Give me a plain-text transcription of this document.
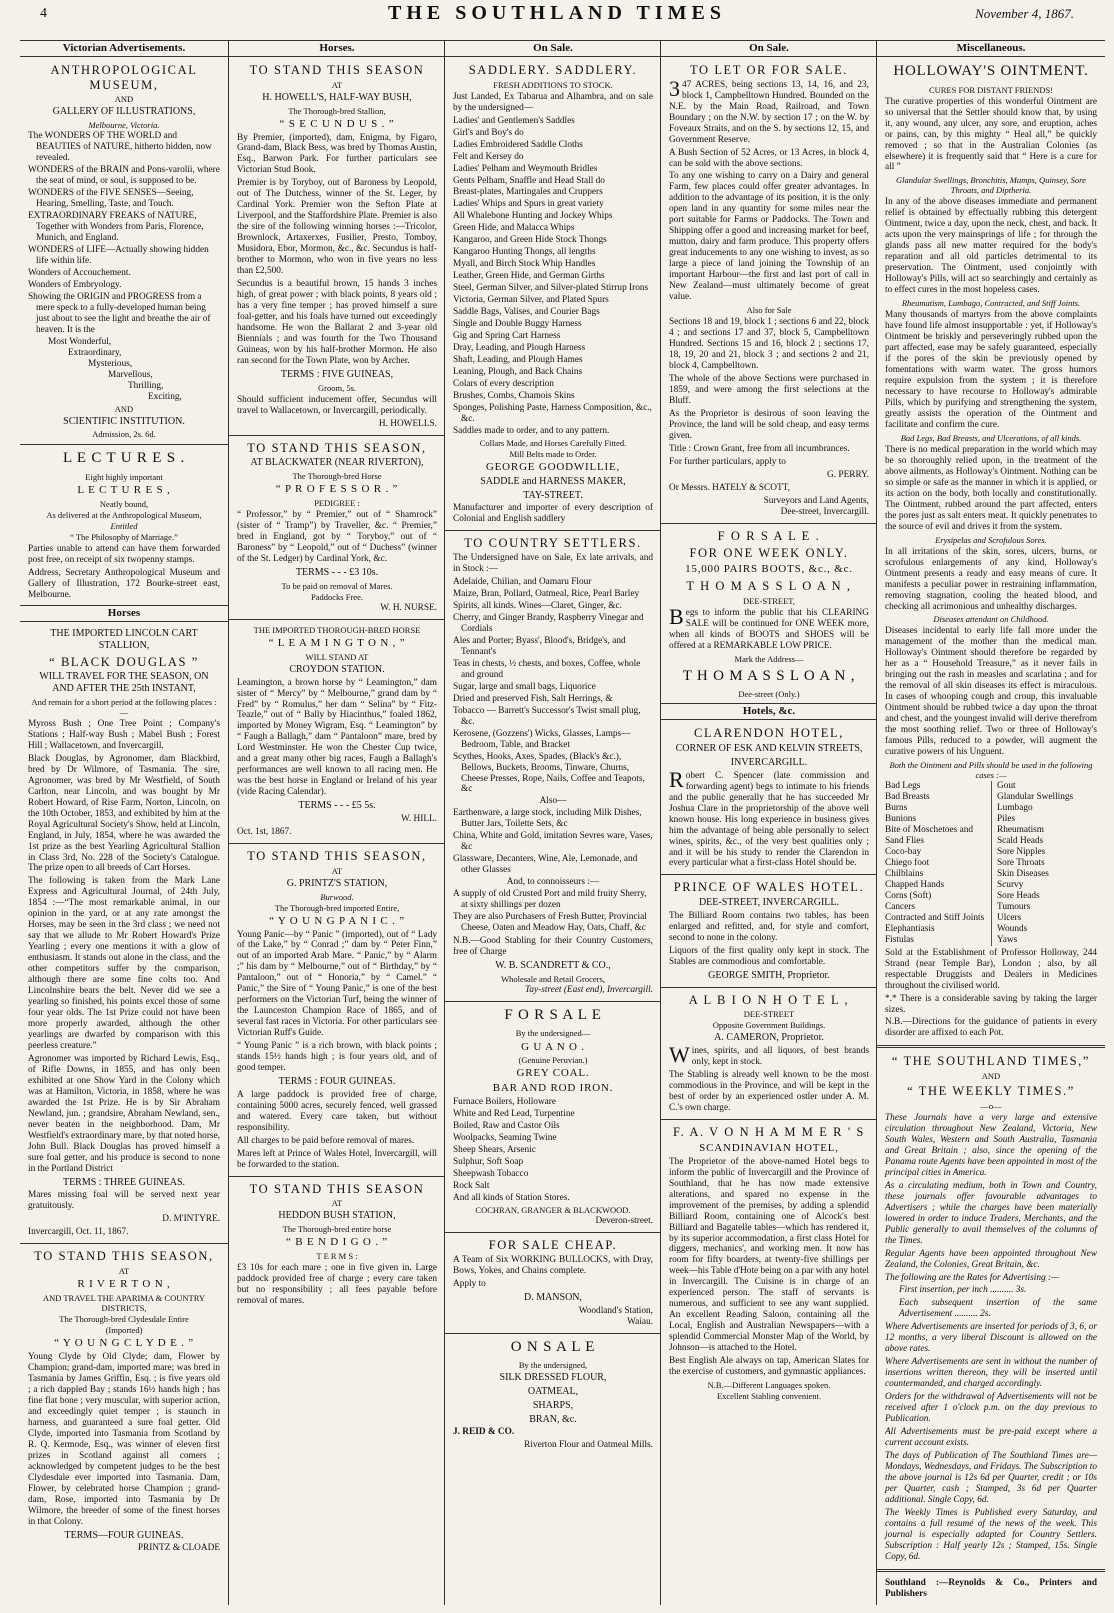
4	THE SOUTHLAND TIMES	November 4, 1867.
Victorian Advertisements.
ANTHROPOLOGICAL MUSEUM,
AND
GALLERY OF ILLUSTRATIONS,
Melbourne, Victoria.
The WONDERS OF THE WORLD and BEAUTIES of NATURE, hitherto hidden, now revealed.
WONDERS of the BRAIN and Pons-varolii, where the seat of mind, or soul, is supposed to be.
WONDERS of the FIVE SENSES—Seeing, Hearing, Smelling, Taste, and Touch.
EXTRAORDINARY FREAKS of NATURE, Together with Wonders from Paris, Florence, Munich, and England.
WONDERS of LIFE—Actually showing hidden life within life.
Wonders of Accouchement.
Wonders of Embryology.
Showing the ORIGIN and PROGRESS from a mere speck to a fully-developed human being just about to see the light and breathe the air of heaven. It is the
Most Wonderful,
Extraordinary,
Mysterious,
Marvellous,
Thrilling,
Exciting,
AND
SCIENTIFIC INSTITUTION.
Admission, 2s. 6d.
L E C T U R E S .
Eight highly important
L E C T U R E S ,
Neatly bound,
As delivered at the Anthropological Museum,
Entitled
“ The Philosophy of Marriage.”
Parties unable to attend can have them forwarded post free, on receipt of six twopenny stamps.
Address, Secretary Anthropological Museum and Gallery of Illustration, 172 Bourke-street east, Melbourne.
Horses
THE IMPORTED LINCOLN CART STALLION,
“ BLACK DOUGLAS ”
WILL TRAVEL FOR THE SEASON, ON AND AFTER THE 25th INSTANT,
And remain for a short period at the following places :—
Myross Bush ; One Tree Point ; Company's Stations ; Half-way Bush ; Mabel Bush ; Forest Hill ; Wallacetown, and Invercargill.
Black Douglas, by Agronomer, dam Blackbird, bred by Dr Wilmore, of Tasmania. The sire, Agronomer, was bred by Mr Westfield, of South Carlton, near Lincoln, and was bought by Mr Robert Howard, of Rise Farm, Norton, Lincoln, on the 10th October, 1853, and exhibited by him at the Royal Agricultural Society's Show, held at Lincoln, England, in July, 1854, where he was awarded the 1st prize as the best Yearling Agricultural Stallion in Class 3rd, No. 228 of the Society's Catalogue. The prize open to all breeds of Cart Horses.
The following is taken from the Mark Lane Express and Agricultural Journal, of 24th July, 1854 :—“The most remarkable animal, in our opinion in the yard, or at any rate amongst the Horses, may be seen in the 3rd class ; we need not say that we allude to Mr Robert Howard's Prize Yearling ; every one mentions it with a glow of enthusiasm. It stands out alone in the class, and the other competitors suffer by the comparison, although there are some fine colts too. And Lincolnshire bears the belt. Never did we see a yearling so finished, his points excel those of some four year olds. The 1st Prize could not have been more properly awarded, although the other yearlings are dwarfed by comparison with this peerless creature.”
Agronomer was imported by Richard Lewis, Esq., of Rifle Downs, in 1855, and has only been exhibited at one Show Yard in the Colony which was at Hamilton, Victoria, in 1858, where he was awarded the 1st Prize. He is by Sir Abraham Newland, jun. ; grandsire, Abraham Newland, sen., never beaten in the neighborhood. Dam, Mr Westfield's extraordinary mare, by that noted horse, John Bull. Black Douglas has proved himself a sure foal getter, and his produce is second to none in the Portland District
TERMS : THREE GUINEAS.
Mares missing foal will be served next year gratuitously.
D. M'INTYRE.
Invercargill, Oct. 11, 1867.
TO STAND THIS SEASON,
AT
R I V E R T O N ,
AND TRAVEL THE APARIMA & COUNTRY DISTRICTS,
The Thorough-bred Clydesdale Entire
(Imported)
“ Y O U N G C L Y D E . ”
Young Clyde by Old Clyde; dam, Flower by Champion; grand-dam, imported mare; was bred in Tasmania by James Griffin, Esq. ; is five years old ; a rich dappled Bay ; stands 16½ hands high ; has fine flat bone ; very muscular, with superior action, and exceedingly quiet temper ; is staunch in harness, and guaranteed a sure foal getter. Old Clyde, imported into Tasmania from Scotland by R. Q. Kermode, Esq., was winner of eleven first prizes in Scotland against all comers ; acknowledged by competent judges to be the best Clydesdale ever imported into Tasmania. Dam, Flower, by celebrated horse Champion ; grand-dam, Rose, imported into Tasmania by Dr Wilmore, the breeder of some of the finest horses in that Colony.
TERMS—FOUR GUINEAS.
PRINTZ & CLOADE
Horses.
TO STAND THIS SEASON
AT
H. HOWELL'S, HALF-WAY BUSH,
The Thorough-bred Stallion,
“ S E C U N D U S . ”
By Premier, (imported), dam, Enigma, by Figaro, Grand-dam, Black Bess, was bred by Thomas Austin, Esq., Barwon Park. For further particulars see Victorian Stud Book.
Premier is by Toryboy, out of Baroness by Leopold, out of The Dutchess, winner of the St. Leger, by Cardinal York. Premier won the Sefton Plate at Liverpool, and the Staffordshire Plate. Premier is also the sire of the following winning horses :—Tricolor, Brownlock, Artaxerxes, Fusilier, Presto, Tomboy, Musidora, Ebor, Mormon, &c., &c. Secundus is half-brother to Mormon, who won in five years no less than £2,500.
Secundus is a beautiful brown, 15 hands 3 inches high, of great power ; with black points, 8 years old ; has a very fine temper ; has proved himself a sure foal-getter, and his foals have turned out exceedingly handsome. He won the Ballarat 2 and 3-year old Biennials ; and was fourth for the Two Thousand Guineas, won by his half-brother Mormon. He also ran second for the Town Plate, won by Archer.
TERMS : FIVE GUINEAS,
Groom, 5s.
Should sufficient inducement offer, Secundus will travel to Wallacetown, or Invercargill, periodically.
H. HOWELLS.
TO STAND THIS SEASON,
AT BLACKWATER (NEAR RIVERTON),
The Thorough-bred Horse
“ P R O F E S S O R . ”
PEDIGREE :
“ Professor,” by “ Premier,” out of “ Shamrock” (sister of “ Tramp”) by Traveller, &c. “ Premier,” bred in England, got by “ Toryboy,” out of “ Baroness” by “ Leopold,” out of “ Duchess” (winner of the St. Ledger) by Cardinal York, &c.
TERMS - - - £3 10s.
To be paid on removal of Mares.
Paddocks Free.
W. H. NURSE.
THE IMPORTED THOROUGH-BRED HORSE
“ L E A M I N G T O N , ”
WILL STAND AT
CROYDON STATION.
Leamington, a brown horse by “ Leamington,” dam sister of “ Mercy” by “ Melbourne,” grand dam by “ Fred” by “ Romulus,” her dam “ Selina” by “ Fitz-Teazle,” out of “ Bally by Hiacinthus,” foaled 1862, imported by Money Wigram, Esq. “ Leamington” by “ Faugh a Ballagh,” dam “ Pantaloon” mare, bred by Lord Westminster. He won the Chester Cup twice, and a great many other big races, Faugh a Ballagh's performances are well known to all racing men. He was the best horse in England or Ireland of his year (vide Racing Calendar).
TERMS - - - £5 5s.
W. HILL.
Oct. 1st, 1867.
TO STAND THIS SEASON,
AT
G. PRINTZ'S STATION,
Burwood.
The Thorough-bred imported Entire,
“ Y O U N G P A N I C . ”
Young Panic—by “ Panic ” (imported), out of “ Lady of the Lake,” by “ Conrad ;” dam by “ Peter Finn,” out of an imported Arab Mare. “ Panic,” by “ Alarm ;” his dam by “ Melbourne,” out of “ Birthday,” by “ Pantaloon,” out of “ Honoria,” by “ Camel.” “ Panic,” the Sire of “ Young Panic,” is one of the best performers on the Victorian Turf, being the winner of the Launceston Champion Race of 1865, and of several fast races in Victoria. For other particulars see Victorian Ruff's Guide.
“ Young Panic ” is a rich brown, with black points ; stands 15½ hands high ; is four years old, and of good temper.
TERMS : FOUR GUINEAS.
A large paddock is provided free of charge, containing 5000 acres, securely fenced, well grassed and watered. Every care taken, but without responsibility.
All charges to be paid before removal of mares.
Mares left at Prince of Wales Hotel, Invercargill, will be forwarded to the station.
TO STAND THIS SEASON
AT
HEDDON BUSH STATION,
The Thorough-bred entire horse
“ B E N D I G O . ”
T E R M S :
£3 10s for each mare ; one in five given in. Large paddock provided free of charge ; every care taken but no responsibility ; all fees payable before removal of mares.
On Sale.
SADDLERY. SADDLERY.
FRESH ADDITIONS TO STOCK.
Just Landed, Ex Tabarua and Alhambra, and on sale by the undersigned—
Ladies' and Gentlemen's Saddles
Girl's and Boy's do
Ladies Embroidered Saddle Cloths
Felt and Kersey do
Ladies' Pelham and Weymouth Bridles
Gents Pelham, Snaffle and Head Stall do
Breast-plates, Martingales and Cruppers
Ladies' Whips and Spurs in great variety
All Whalebone Hunting and Jockey Whips
Green Hide, and Malacca Whips
Kangaroo, and Green Hide Stock Thongs
Kangaroo Hunting Thongs, all lengths
Myall, and Birch Stock Whip Handles
Leather, Green Hide, and German Girths
Steel, German Silver, and Silver-plated Stirrup Irons
Victoria, German Silver, and Plated Spurs
Saddle Bags, Valises, and Courier Bags
Single and Double Buggy Harness
Gig and Spring Cart Harness
Dray, Leading, and Plough Harness
Shaft, Leading, and Plough Hames
Leaning, Plough, and Back Chains
Colars of every description
Brushes, Combs, Chamois Skins
Sponges, Polishing Paste, Harness Composition, &c., &c.
Saddles made to order, and to any pattern.
Collars Made, and Horses Carefully Fitted.
Mill Belts made to Order.
GEORGE GOODWILLIE,
SADDLE and HARNESS MAKER,
TAY-STREET.
Manufacturer and importer of every description of Colonial and English saddlery
TO COUNTRY SETTLERS.
The Undersigned have on Sale, Ex late arrivals, and in Stock :—
Adelaide, Chilian, and Oamaru Flour
Maize, Bran, Pollard, Oatmeal, Rice, Pearl Barley
Spirits, all kinds. Wines—Claret, Ginger, &c.
Cherry, and Ginger Brandy, Raspberry Vinegar and Cordials
Ales and Porter; Byass', Blood's, Bridge's, and Tennant's
Teas in chests, ½ chests, and boxes, Coffee, whole and ground
Sugar, large and small bags, Liquorice
Dried and preserved Fish, Salt Herrings, &
Tobacco — Barrett's Successor's Twist small plug, &c.
Kerosene, (Gozzens') Wicks, Glasses, Lamps—Bedroom, Table, and Bracket
Scythes, Hooks, Axes, Spades, (Black's &c.), Bellows, Buckets, Brooms, Tinware, Churns, Cheese Presses, Rope, Nails, Coffee and Teapots, &c
Also—
Earthenware, a large stock, including Milk Dishes, Butter Jars, Toilette Sets, &c
China, White and Gold, imitation Sevres ware, Vases, &c
Glassware, Decanters, Wine, Ale, Lemonade, and other Glasses
And, to connoisseurs :—
A supply of old Crusted Port and mild fruity Sherry, at sixty shillings per dozen
They are also Purchasers of Fresh Butter, Provincial Cheese, Oaten and Meadow Hay, Oats, Chaff, &c
N.B.—Good Stabling for their Country Customers, free of Charge
W. B. SCANDRETT & CO.,
Wholesale and Retail Grocers,
Tay-street (East end), Invercargill.
F O R S A L E
By the undersigned—
G U A N O .
(Genuine Peruvian.)
GREY COAL.
BAR AND ROD IRON.
Furnace Boilers, Holloware
White and Red Lead, Turpentine
Boiled, Raw and Castor Oils
Woolpacks, Seaming Twine
Sheep Shears, Arsenic
Sulphur, Soft Soap
Sheepwash Tobacco
Rock Salt
And all kinds of Station Stores.
COCHRAN, GRANGER & BLACKWOOD.
Deveron-street.
FOR SALE CHEAP.
A Team of Six WORKING BULLOCKS, with Dray, Bows, Yokes, and Chains complete.
Apply to
D. MANSON,
Woodland's Station,
Waiau.
O N S A L E
By the undersigned,
SILK DRESSED FLOUR,
OATMEAL,
SHARPS,
BRAN, &c.
J. REID & CO.
Riverton Flour and Oatmeal Mills.
On Sale.
TO LET OR FOR SALE.
347 ACRES, being sections 13, 14, 16, and 23, block 1, Campbelltown Hundred. Bounded on the N.E. by the Main Road, Railroad, and Town Boundary ; on the N.W. by section 17 ; on the W. by Foveaux Straits, and on the S. by sections 12, 15, and Government Reserve.
A Bush Section of 52 Acres, or 13 Acres, in block 4, can be sold with the above sections.
To any one wishing to carry on a Dairy and general Farm, few places could offer greater advantages. In addition to the advantage of its position, it is the only open land in any quantity for some miles near the port suitable for Farms or Paddocks. The Town and Shipping offer a good and increasing market for beef, mutton, dairy and farm produce. This property offers great inducements to any one wishing to invest, as so large a piece of land joining the Township of an important Harbour—the first and last port of call in New Zealand—must ultimately become of great value.
Also for Sale
Sections 18 and 19, block 1 ; sections 6 and 22, block 4 ; and sections 17 and 37, block 5, Campbelltown Hundred. Sections 15 and 16, block 2 ; sections 17, 18, 19, 20 and 21, block 3 ; and sections 2 and 21, block 4, Campbelltown.
The whole of the above Sections were purchased in 1859, and were among the first selections at the Bluff.
As the Proprietor is desirous of soon leaving the Province, the land will be sold cheap, and easy terms given.
Title : Crown Grant, free from all incumbrances.
For further particulars, apply to
G. PERRY.
Or Messrs. HATELY & SCOTT,
Surveyors and Land Agents,
Dee-street, Invercargill.
F O R S A L E .
FOR ONE WEEK ONLY.
15,000 PAIRS BOOTS, &c., &c.
T H O M A S S L O A N ,
DEE-STREET,
Begs to inform the public that his CLEARING SALE will be continued for ONE WEEK more, when all kinds of BOOTS and SHOES will be offered at a REMARKABLE LOW PRICE.
Mark the Address—
T H O M A S S L O A N ,
Dee-street (Only.)
Hotels, &c.
CLARENDON HOTEL,
CORNER OF ESK AND KELVIN STREETS,
INVERCARGILL.
Robert C. Spencer (late commission and forwarding agent) begs to intimate to his friends and the public generally that he has succeeded Mr Joshua Clare in the proprietorship of the above well known house. His long experience in business gives him the advantage of being able personally to select wines, spirits, &c., of the very best qualities only ; and it will be his study to render the Clarendon in every particular what a first-class Hotel should be.
PRINCE OF WALES HOTEL.
DEE-STREET, INVERCARGILL.
The Billiard Room contains two tables, has been enlarged and refitted, and, for style and comfort, second to none in the colony.
Liquors of the first quality only kept in stock. The Stables are commodious and comfortable.
GEORGE SMITH, Proprietor.
A L B I O N H O T E L ,
DEE-STREET
Opposite Government Buildings.
A. CAMERON, Proprietor.
Wines, spirits, and all liquors, of best brands only, kept in stock.
The Stabling is already well known to be the most commodious in the Province, and will be kept in the best of order by an experienced ostler under A. M. C.'s own charge.
F. A. V O N H A M M E R ' S
SCANDINAVIAN HOTEL,
The Proprietor of the above-named Hotel begs to inform the public of Invercargill and the Province of Southland, that he has now made extensive alterations, and spared no expense in the improvement of the premises, by adding a splendid Billiard Room, containing one of Alcock's best Billiard and Bagatelle tables—which has rendered it, by its superior accommodation, a first class Hotel for diggers, mechanics', and working men. It now has room for fifty boarders, at twenty-five shillings per week—his Table d'Hote being on a par with any hotel in Invercargill. The Cuisine is in charge of an experienced person. The staff of servants is numerous, and sufficient to see any want supplied. An excellent Reading Saloon, containing all the Local, English and Australian Newspapers—with a splendid Commercial Monster Map of the World, by Johnson—is attached to the Hotel.
Best English Ale always on tap, American Slates for the exercise of customers, and gymnastic appliances.
N.B.—Different Languages spoken.
Excellent Stabling convenient.
Miscellaneous.
HOLLOWAY'S OINTMENT.
CURES FOR DISTANT FRIENDS!
The curative properties of this wonderful Ointment are so universal that the Settler should know that, by using it, any wound, any ulcer, any sore, and eruption, aches or pains, can, by this mighty “ Heal all,” be quickly removed ; so that in the Australian Colonies (as elsewhere) it is frequently said that “ Here is a cure for all ”
Glandular Swellings, Bronchitis, Mumps, Quinsey, Sore Throats, and Diptheria.
In any of the above diseases immediate and permanent relief is obtained by effectually rubbing this detergent Ointment, twice a day, upon the neck, chest, and back. It acts upon the very mainsprings of life ; for through the glands pass all new matter required for the body's reparation and all old particles detrimental to its preservation. The Ointment, used conjointly with Holloway's Pills, will act so searchingly and certainly as to effect cures in the most hopeless cases.
Rheumatism, Lumbago, Contracted, and Stiff Joints.
Many thousands of martyrs from the above complaints have found life almost insupportable : yet, if Holloway's Ointment be briskly and perseveringly rubbed upon the part affected, ease may be safely guaranteed, especially if the pores of the skin be previously opened by fomentations with warm water. The gross humors require expulsion from the system ; it is therefore necessary to have recourse to Holloway's admirable Pills, which by purifying and strengthening the system, greatly assists the operation of the Ointment and facilitate and confirm the cure.
Bad Legs, Bad Breasts, and Ulcerations, of all kinds.
There is no medical preparation in the world which may be so thoroughly relied upon, in the treatment of the above ailments, as Holloway's Ointment. Nothing can be so simple or safe as the manner in which it is applied, or its action on the body, both locally and constitutionally. The Ointment, rubbed around the part affected, enters the pores just as salt enters meat. It quickly penetrates to the source of evil and drives it from the system.
Erysipelas and Scrofulous Sores.
In all irritations of the skin, sores, ulcers, burns, or scrofulous enlargements of any kind, Holloway's Ointment presents a ready and easy means of cure. It manifests a peculiar power in restraining inflammation, removing stagnation, cooling the heated blood, and checking all acrimonious and unhealthy discharges.
Diseases attendant on Childhood.
Diseases incidental to early life fall more under the management of the mother than the medical man. Holloway's Ointment should therefore be regarded by her as a “ Household Treasure,” as it never fails in bringing out the rash in measles and scarlatina ; and for the removal of all skin diseases its effect is miraculous. In cases of whooping cough and croup, this invaluable Ointment should be rubbed twice a day upon the throat and chest, and the youngest invalid will derive therefrom the most soothing relief. Two or three of Holloway's famous Pills, reduced to a powder, will augment the curative powers of his Unguent.
Both the Ointment and Pills should be used in the following cases :—
Bad Legs
Bad Breasts
Burns
Bunions
Bite of Moschetoes and Sand Flies
Coco-bay
Chiego foot
Chilblains
Chapped Hands
Corns (Soft)
Cancers
Contracted and Stiff Joints
Elephantiasis
Fistulas
Gout
Glandular Swellings
Lumbago
Piles
Rheumatism
Scald Heads
Sore Nipples
Sore Throats
Skin Diseases
Scurvy
Sore Heads
Tumours
Ulcers
Wounds
Yaws
Sold at the Establishment of Professor Holloway, 244 Strand (near Temple Bar), London ; also, by all respectable Druggists and Dealers in Medicines throughout the civilised world.
*.* There is a considerable saving by taking the larger sizes.
N.B.—Directions for the guidance of patients in every disorder are affixed to each Pot.
“ THE SOUTHLAND TIMES,”
AND
“ THE WEEKLY TIMES.”
—o—
These Journals have a very large and extensive circulation throughout New Zealand, Victoria, New South Wales, Western and South Australia, Tasmania and Great Britain ; also, since the opening of the Panama route Agents have been appointed in most of the principal cities in America.
As a circulating medium, both in Town and Country, these journals offer favourable advantages to Advertisers ; while the charges have been materially lowered in order to induce Traders, Merchants, and the Public generally to avail themselves of the columns of the Times.
Regular Agents have been appointed throughout New Zealand, the Colonies, Great Britain, &c.
The following are the Rates for Advertising :—
First insertion, per inch .......... 3s.
Each subsequent insertion of the same Advertisement .......... 2s.
Where Advertisements are inserted for periods of 3, 6, or 12 months, a very liberal Discount is allowed on the above rates.
Where Advertisements are sent in without the number of insertions written thereon, they will be inserted until countermanded, and charged accordingly.
Orders for the withdrawal of Advertisements will not be received after 1 o'clock p.m. on the day previous to Publication.
All Advertisements must be pre-paid except where a current account exists.
The days of Publication of The Southland Times are—Mondays, Wednesdays, and Fridays. The Subscription to the above journal is 12s 6d per Quarter, credit ; or 10s per Quarter, cash ; Stamped, 3s 6d per Quarter additional. Single Copy, 6d.
The Weekly Times is Published every Saturday, and contains a full resumé of the news of the week. This journal is especially adapted for Country Settlers. Subscription : Half yearly 12s ; Stamped, 15s. Single Copy, 6d.
Southland :—Reynolds & Co., Printers and Publishers
